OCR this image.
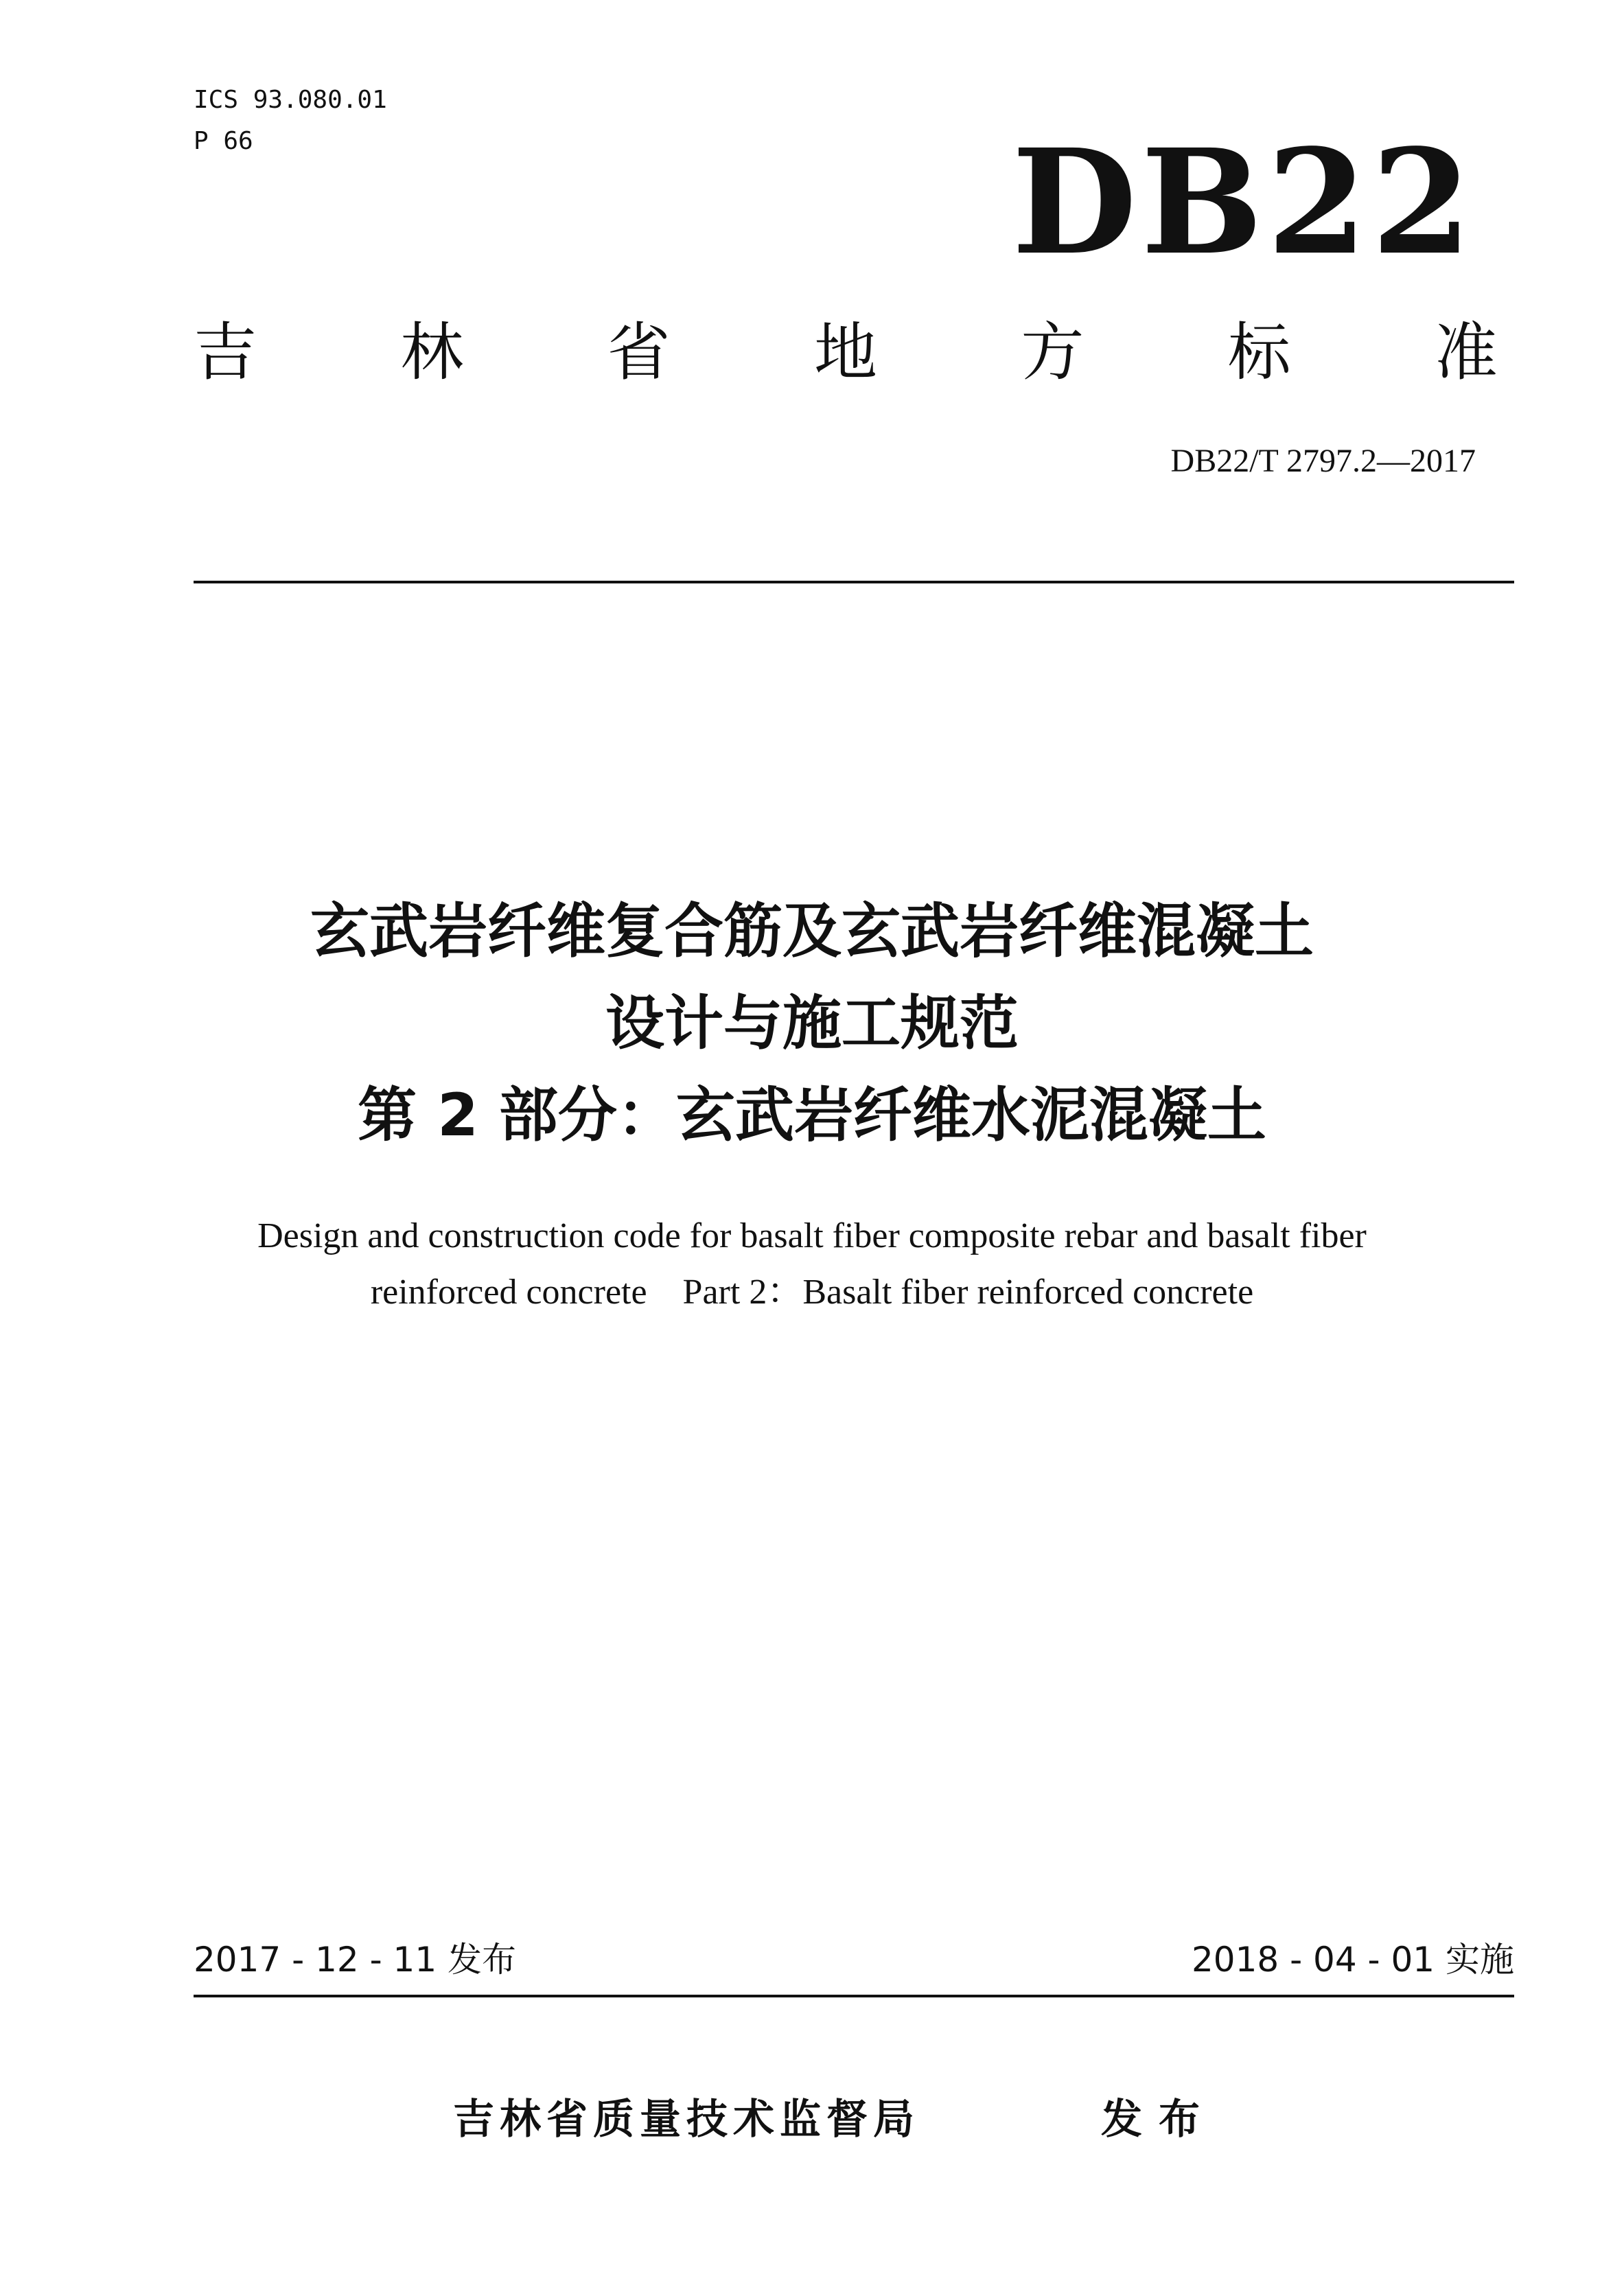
ICS 93.080.01
P 66	DB22
吉 林 省 地 方 标 准
DB22/T 2797.2—2017
玄武岩纤维复合筋及玄武岩纤维混凝土
设计与施工规范
第 2 部分：玄武岩纤维水泥混凝土
Design and construction code for basalt fiber composite rebar and basalt fiber
reinforced concrete    Part 2：Basalt fiber reinforced concrete
2017 - 12 - 11 发布	2018 - 04 - 01 实施
吉林省质量技术监督局	发布
